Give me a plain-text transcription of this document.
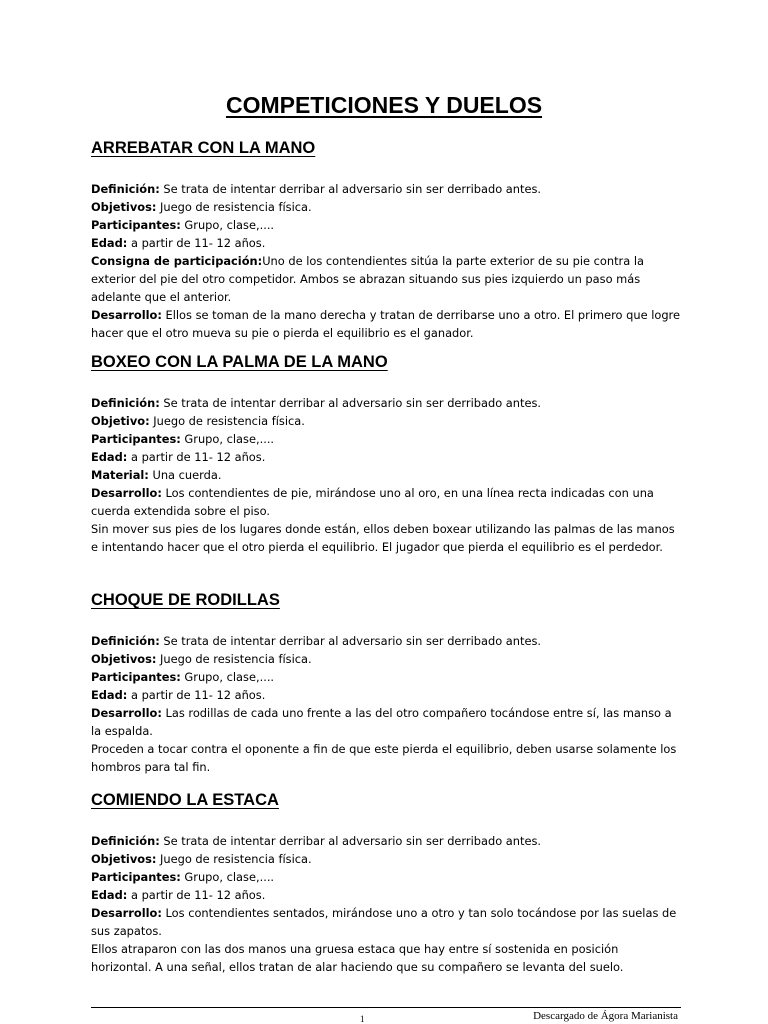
COMPETICIONES Y DUELOS
ARREBATAR CON LA MANO

Definición: Se trata de intentar derribar al adversario sin ser derribado antes.

Objetivos: Juego de resistencia física.

Participantes: Grupo, clase,....

Edad: a partir de 11- 12 años.

Consigna de participación:Uno de los contendientes sitúa la parte exterior de su pie contra la exterior del pie del otro competidor. Ambos se abrazan situando sus pies izquierdo un paso más adelante que el anterior.

Desarrollo: Ellos se toman de la mano derecha y tratan de derribarse uno a otro. El primero que logre hacer que el otro mueva su pie o pierda el equilibrio es el ganador.

BOXEO CON LA PALMA DE LA MANO

Definición: Se trata de intentar derribar al adversario sin ser derribado antes.

Objetivo: Juego de resistencia física.

Participantes: Grupo, clase,....

Edad: a partir de 11- 12 años.

Material: Una cuerda.

Desarrollo: Los contendientes de pie, mirándose uno al oro, en una línea recta indicadas con una cuerda extendida sobre el piso.

Sin mover sus pies de los lugares donde están, ellos deben boxear utilizando las palmas de las manos e intentando hacer que el otro pierda el equilibrio. El jugador que pierda el equilibrio es el perdedor.

CHOQUE DE RODILLAS

Definición: Se trata de intentar derribar al adversario sin ser derribado antes.

Objetivos: Juego de resistencia física.

Participantes: Grupo, clase,....

Edad: a partir de 11- 12 años.

Desarrollo: Las rodillas de cada uno frente a las del otro compañero tocándose entre sí, las manso a la espalda.

Proceden a tocar contra el oponente a fin de que este pierda el equilibrio, deben usarse solamente los hombros para tal fin.

COMIENDO LA ESTACA

Definición: Se trata de intentar derribar al adversario sin ser derribado antes.

Objetivos: Juego de resistencia física.

Participantes: Grupo, clase,....

Edad: a partir de 11- 12 años.

Desarrollo: Los contendientes sentados, mirándose uno a otro y tan solo tocándose por las suelas de sus zapatos.

Ellos atraparon con las dos manos una gruesa estaca que hay entre sí sostenida en posición horizontal. A una señal, ellos tratan de alar haciendo que su compañero se levanta del suelo.

1	Descargado de Ágora Marianista
